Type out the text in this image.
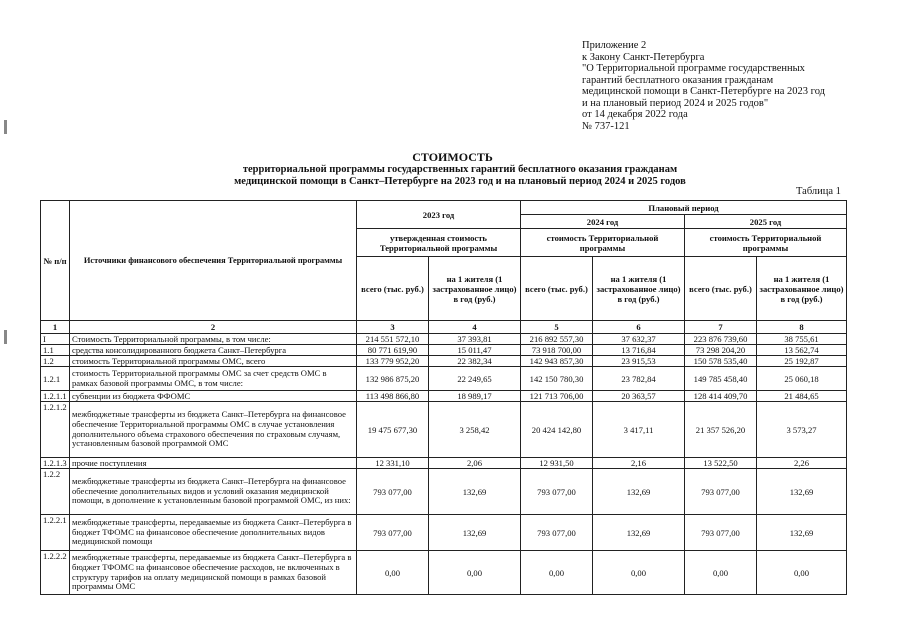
Приложение 2
к Закону Санкт-Петербурга
"О Территориальной программе государственных
гарантий бесплатного оказания гражданам
медицинской помощи в Санкт-Петербурге на 2023 год
и на плановый период 2024 и 2025 годов"
от 14 декабря 2022 года
№ 737-121
СТОИМОСТЬ
территориальной программы государственных гарантий бесплатного оказания гражданам
медицинской помощи в Санкт–Петербурге на 2023 год и на плановый период 2024 и 2025 годов
Таблица 1
№ п/п	Источники финансового обеспечения Территориальной программы	2023 год		Плановый период			
				2024 год		2025 год	
		утвержденная стоимость Территориальной программы		стоимость Территориальной программы		стоимость Территориальной программы	
		всего (тыс. руб.)	на 1 жителя (1 застрахованное лицо) в год (руб.)	всего (тыс. руб.)	на 1 жителя (1 застрахованное лицо) в год (руб.)	всего (тыс. руб.)	на 1 жителя (1 застрахованное лицо) в год (руб.)
1	2	3	4	5	6	7	8
I	Стоимость Территориальной программы, в том числе:	214 551 572,10	37 393,81	216 892 557,30	37 632,37	223 876 739,60	38 755,61
1.1	средства консолидированного бюджета Санкт–Петербурга	80 771 619,90	15 011,47	73 918 700,00	13 716,84	73 298 204,20	13 562,74
1.2	стоимость Территориальной программы ОМС, всего	133 779 952,20	22 382,34	142 943 857,30	23 915,53	150 578 535,40	25 192,87
1.2.1	стоимость Территориальной программы ОМС за счет средств ОМС в рамках базовой программы ОМС, в том числе:	132 986 875,20	22 249,65	142 150 780,30	23 782,84	149 785 458,40	25 060,18
1.2.1.1	субвенции из бюджета ФФОМС	113 498 866,80	18 989,17	121 713 706,00	20 363,57	128 414 409,70	21 484,65
1.2.1.2	межбюджетные трансферты из бюджета Санкт–Петербурга на финансовое обеспечение Территориальной программы ОМС в случае установления дополнительного объема страхового обеспечения по страховым случаям, установленным базовой программой ОМС	19 475 677,30	3 258,42	20 424 142,80	3 417,11	21 357 526,20	3 573,27
1.2.1.3	прочие поступления	12 331,10	2,06	12 931,50	2,16	13 522,50	2,26
1.2.2	межбюджетные трансферты из бюджета Санкт–Петербурга на финансовое обеспечение дополнительных видов и условий оказания медицинской помощи, в дополнение к установленным базовой программой ОМС, из них:	793 077,00	132,69	793 077,00	132,69	793 077,00	132,69
1.2.2.1	межбюджетные трансферты, передаваемые из бюджета Санкт–Петербурга в бюджет ТФОМС на финансовое обеспечение дополнительных видов медицинской помощи	793 077,00	132,69	793 077,00	132,69	793 077,00	132,69
1.2.2.2	межбюджетные трансферты, передаваемые из бюджета Санкт–Петербурга в бюджет ТФОМС на финансовое обеспечение расходов, не включенных в структуру тарифов на оплату медицинской помощи в рамках базовой программы ОМС	0,00	0,00	0,00	0,00	0,00	0,00
